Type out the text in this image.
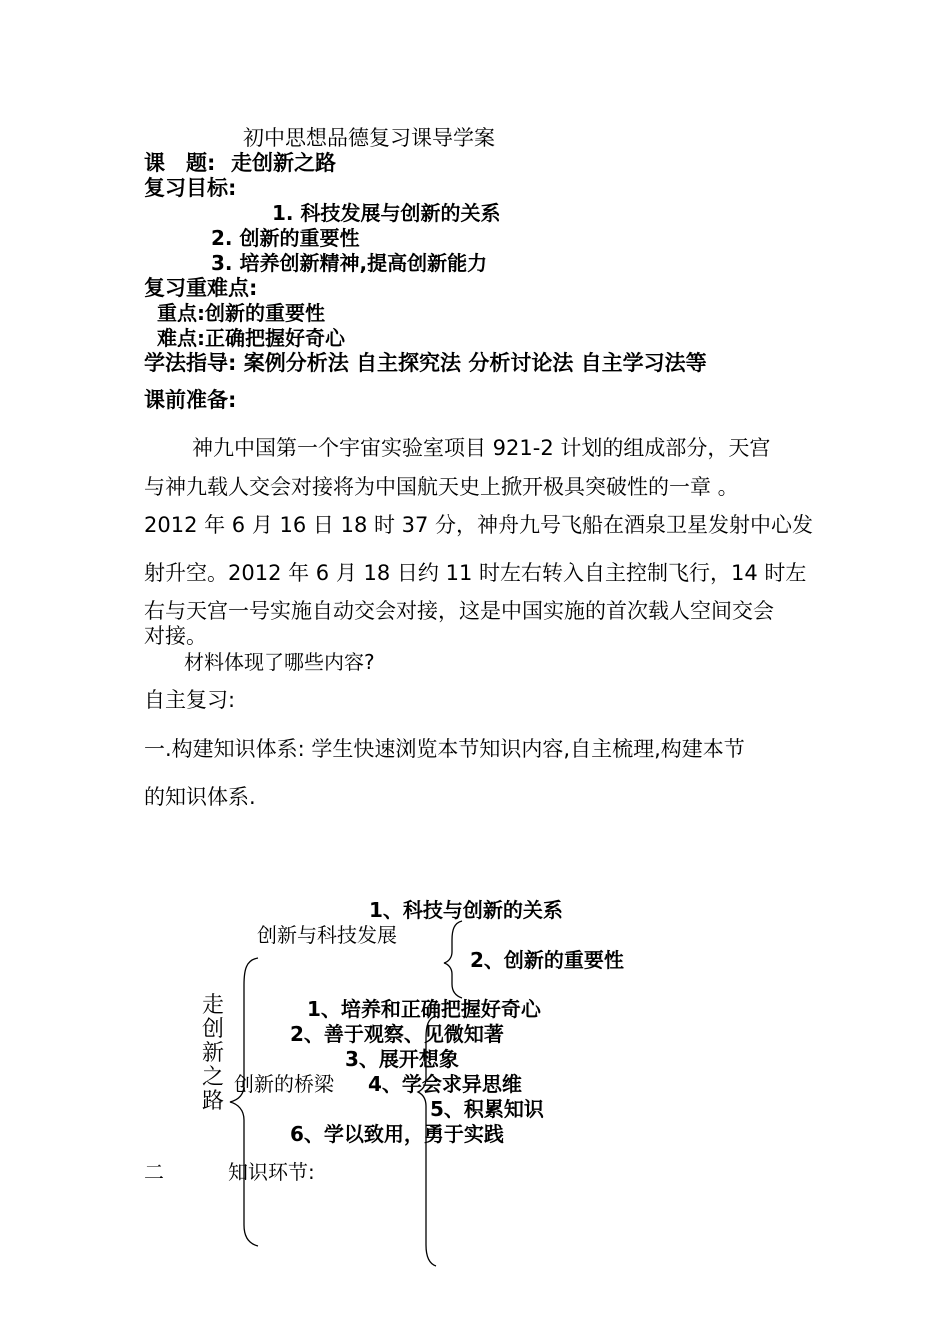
初中思想品德复习课导学案
课　题: 走创新之路
复习目标:
1. 科技发展与创新的关系
2. 创新的重要性
3. 培养创新精神,提高创新能力
复习重难点:
重点:创新的重要性
难点:正确把握好奇心
学法指导: 案例分析法 自主探究法 分析讨论法 自主学习法等
课前准备:
神九中国第一个宇宙实验室项目 921-2 计划的组成部分，天宫
与神九载人交会对接将为中国航天史上掀开极具突破性的一章 。
2012 年 6 月 16 日 18 时 37 分，神舟九号飞船在酒泉卫星发射中心发
射升空。2012 年 6 月 18 日约 11 时左右转入自主控制飞行，14 时左
右与天宫一号实施自动交会对接，这是中国实施的首次载人空间交会
对接。
材料体现了哪些内容?
自主复习:
一.构建知识体系: 学生快速浏览本节知识内容,自主梳理,构建本节
的知识体系.
走
创
新
之
路
创新与科技发展
1、科技与创新的关系
2、创新的重要性
创新的桥梁
1、培养和正确把握好奇心
2、善于观察、见微知著
3、展开想象
4、学会求异思维
5、积累知识
6、学以致用，勇于实践
二	知识环节:
